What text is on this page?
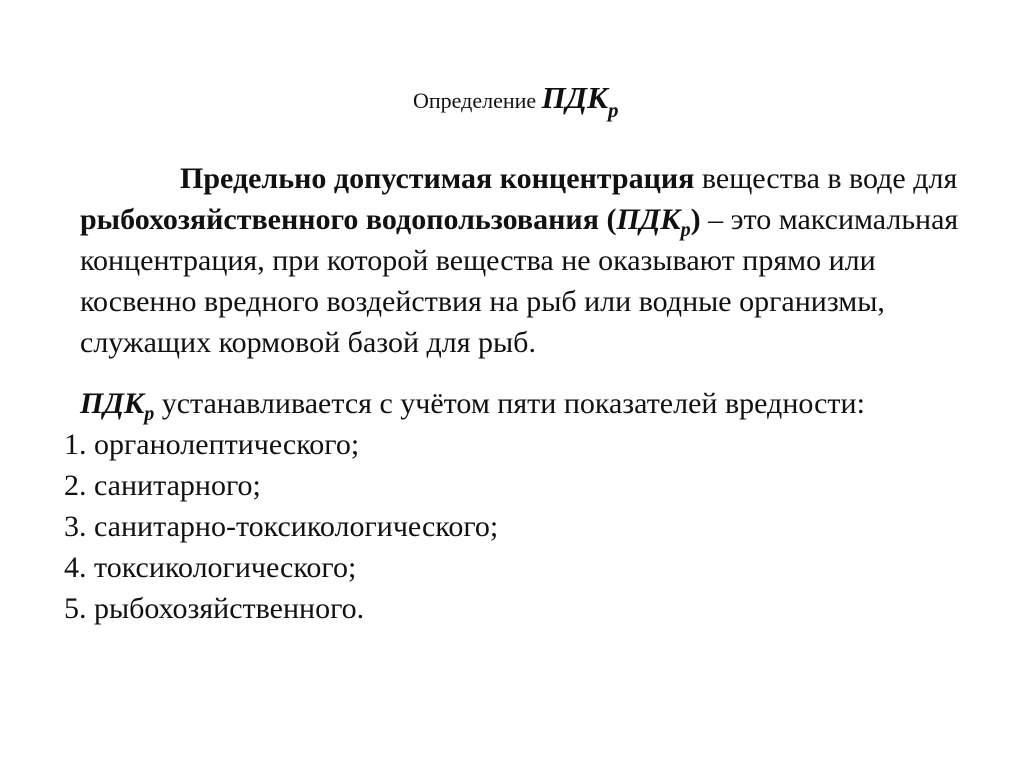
Определение $ПДК_р$

Предельно допустимая концентрация вещества в воде для рыбохозяйственного водопользования $(ПДК_р)$ – это максимальная концентрация, при которой вещества не оказывают прямо или косвенно вредного воздействия на рыб или водные организмы, служащих кормовой базой для рыб.

$ПДК_р$ устанавливается с учётом пяти показателей вредности:

1. органолептического;
2. санитарного;
3. санитарно-токсикологического;
4. токсикологического;
5. рыбохозяйственного.
